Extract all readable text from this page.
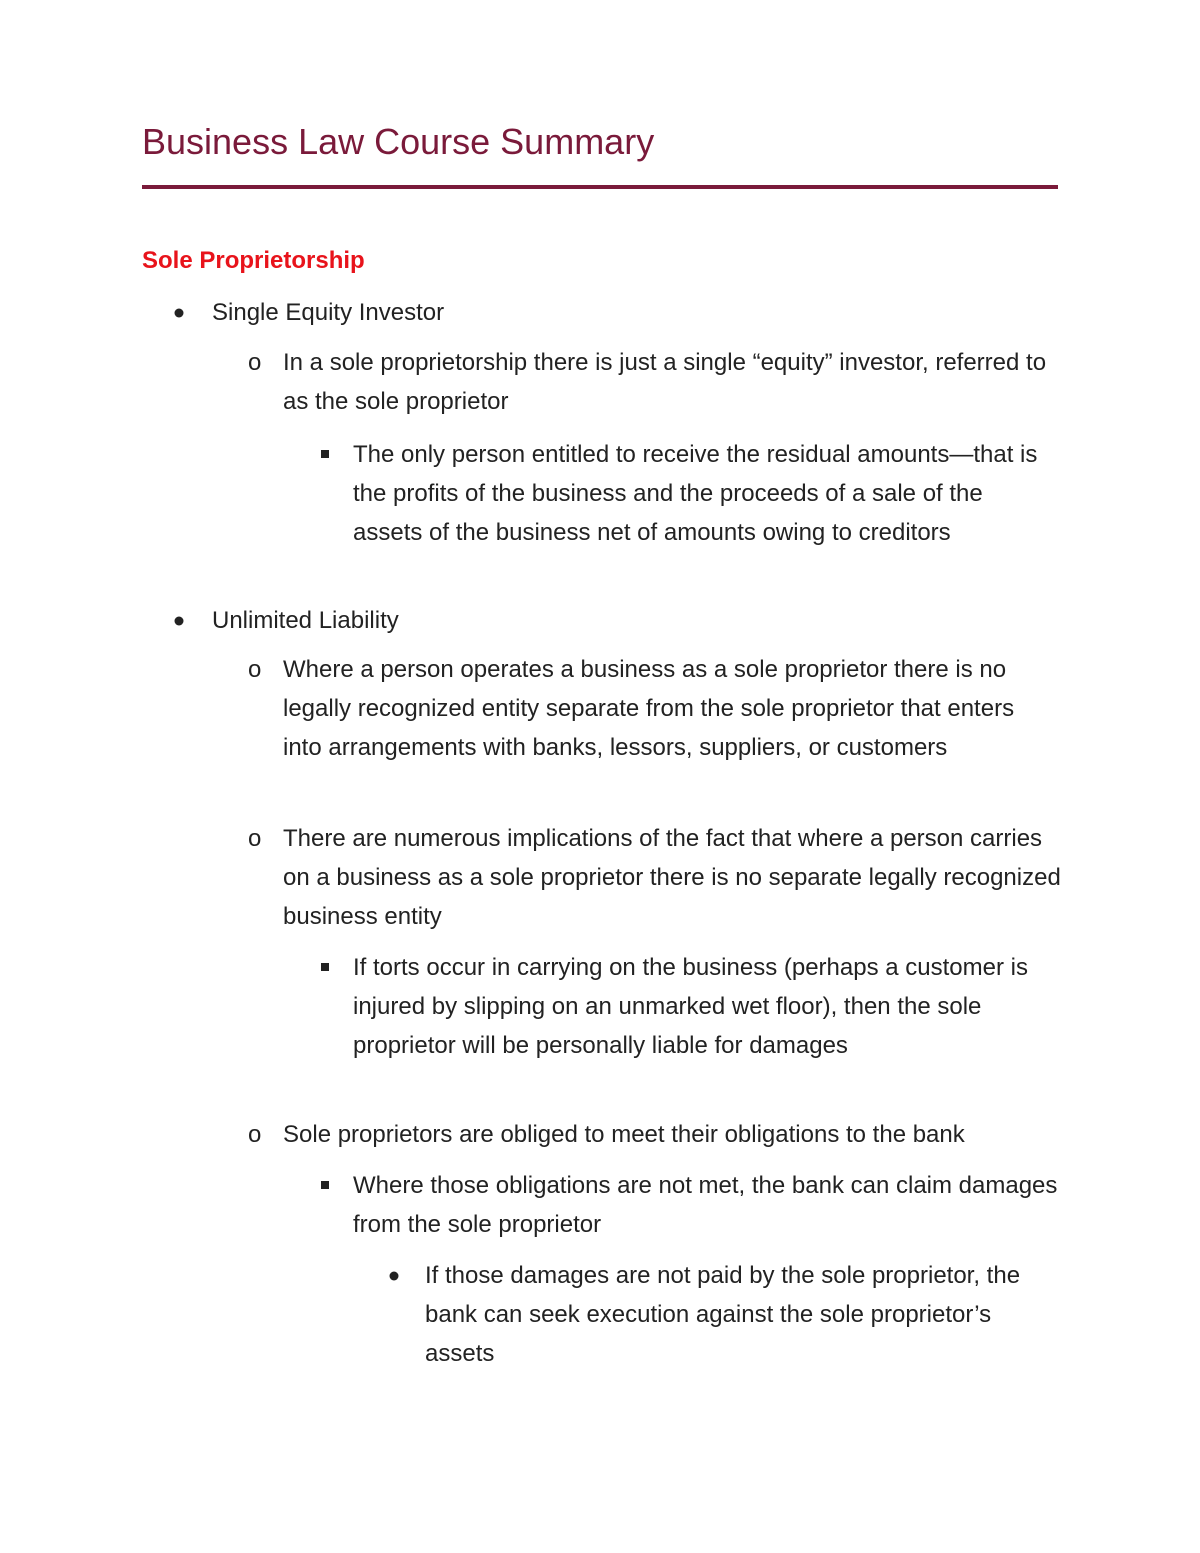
Business Law Course Summary
Sole Proprietorship
Single Equity Investor
o In a sole proprietorship there is just a single “equity” investor, referred to as the sole proprietor
The only person entitled to receive the residual amounts—that is the profits of the business and the proceeds of a sale of the assets of the business net of amounts owing to creditors
Unlimited Liability
o Where a person operates a business as a sole proprietor there is no legally recognized entity separate from the sole proprietor that enters into arrangements with banks, lessors, suppliers, or customers
o There are numerous implications of the fact that where a person carries on a business as a sole proprietor there is no separate legally recognized business entity
If torts occur in carrying on the business (perhaps a customer is injured by slipping on an unmarked wet floor), then the sole proprietor will be personally liable for damages
o Sole proprietors are obliged to meet their obligations to the bank
Where those obligations are not met, the bank can claim damages from the sole proprietor
If those damages are not paid by the sole proprietor, the bank can seek execution against the sole proprietor’s assets
